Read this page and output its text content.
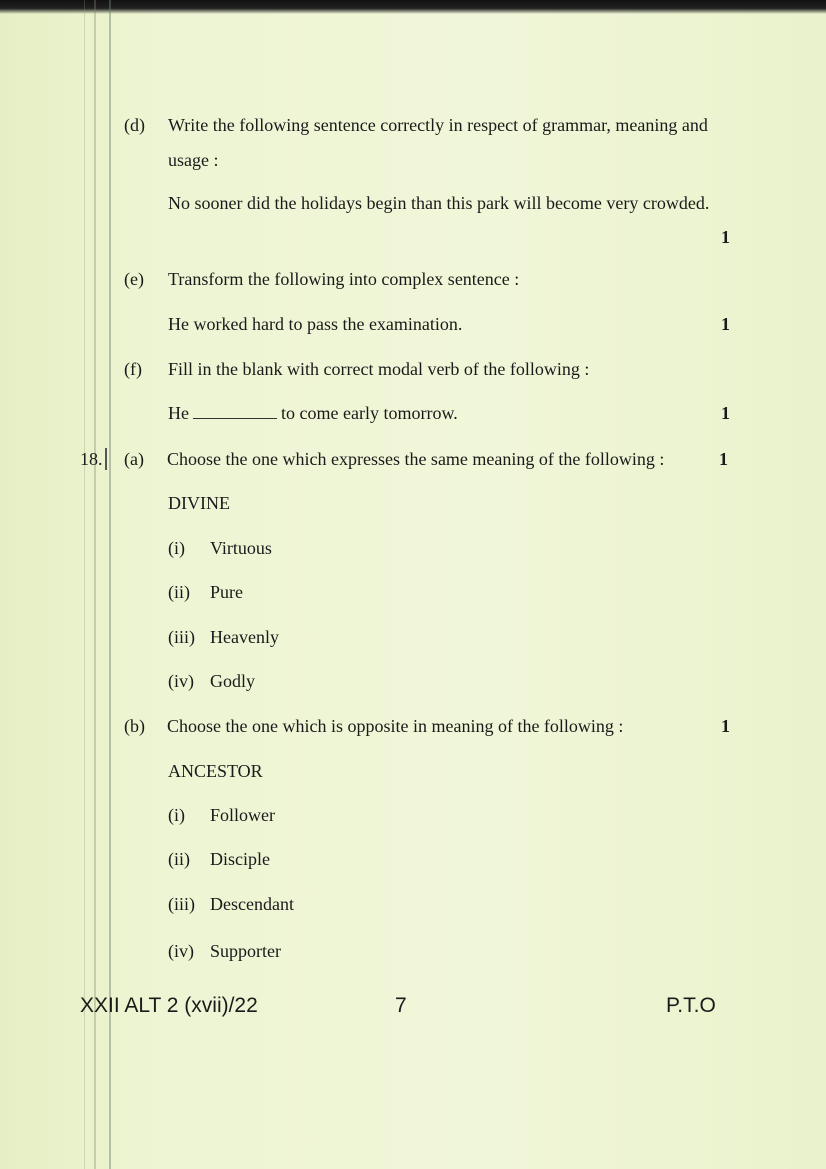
(d) Write the following sentence correctly in respect of grammar, meaning and
usage :
No sooner did the holidays begin than this park will become very crowded.
1
(e) Transform the following into complex sentence :
He worked hard to pass the examination.	1
(f) Fill in the blank with correct modal verb of the following :
He	to come early tomorrow.	1
18. (a) Choose the one which expresses the same meaning of the following :	1
DIVINE
(i) Virtuous
(ii) Pure
(iii) Heavenly
(iv) Godly
(b) Choose the one which is opposite in meaning of the following :	1
ANCESTOR
(i) Follower
(ii) Disciple
(iii) Descendant
(iv) Supporter
XXII ALT 2 (xvii)/22	7	P.T.O
